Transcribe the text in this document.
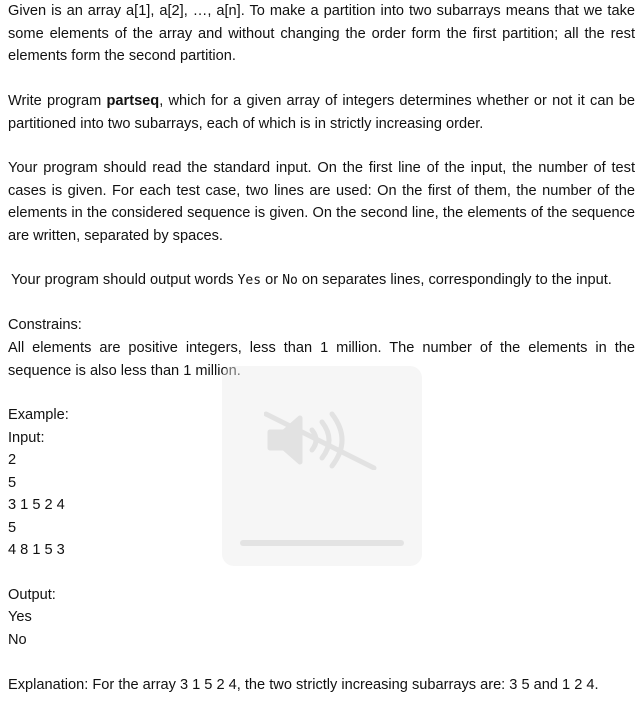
Given is an array a[1], a[2], …, a[n]. To make a partition into two subarrays means that we take some elements of the array and without changing the order form the first partition; all the rest elements form the second partition.

Write program partseq, which for a given array of integers determines whether or not it can be partitioned into two subarrays, each of which is in strictly increasing order.

Your program should read the standard input. On the first line of the input, the number of test cases is given. For each test case, two lines are used: On the first of them, the number of the elements in the considered sequence is given. On the second line, the elements of the sequence are written, separated by spaces.

Your program should output words Yes or No on separates lines, correspondingly to the input.

Constrains:

All elements are positive integers, less than 1 million. The number of the elements in the sequence is also less than 1 million.

Example:

Input:

2

5

3 1 5 2 4

5

4 8 1 5 3

Output:

Yes

No

Explanation: For the array 3 1 5 2 4, the two strictly increasing subarrays are: 3 5 and 1 2 4.
